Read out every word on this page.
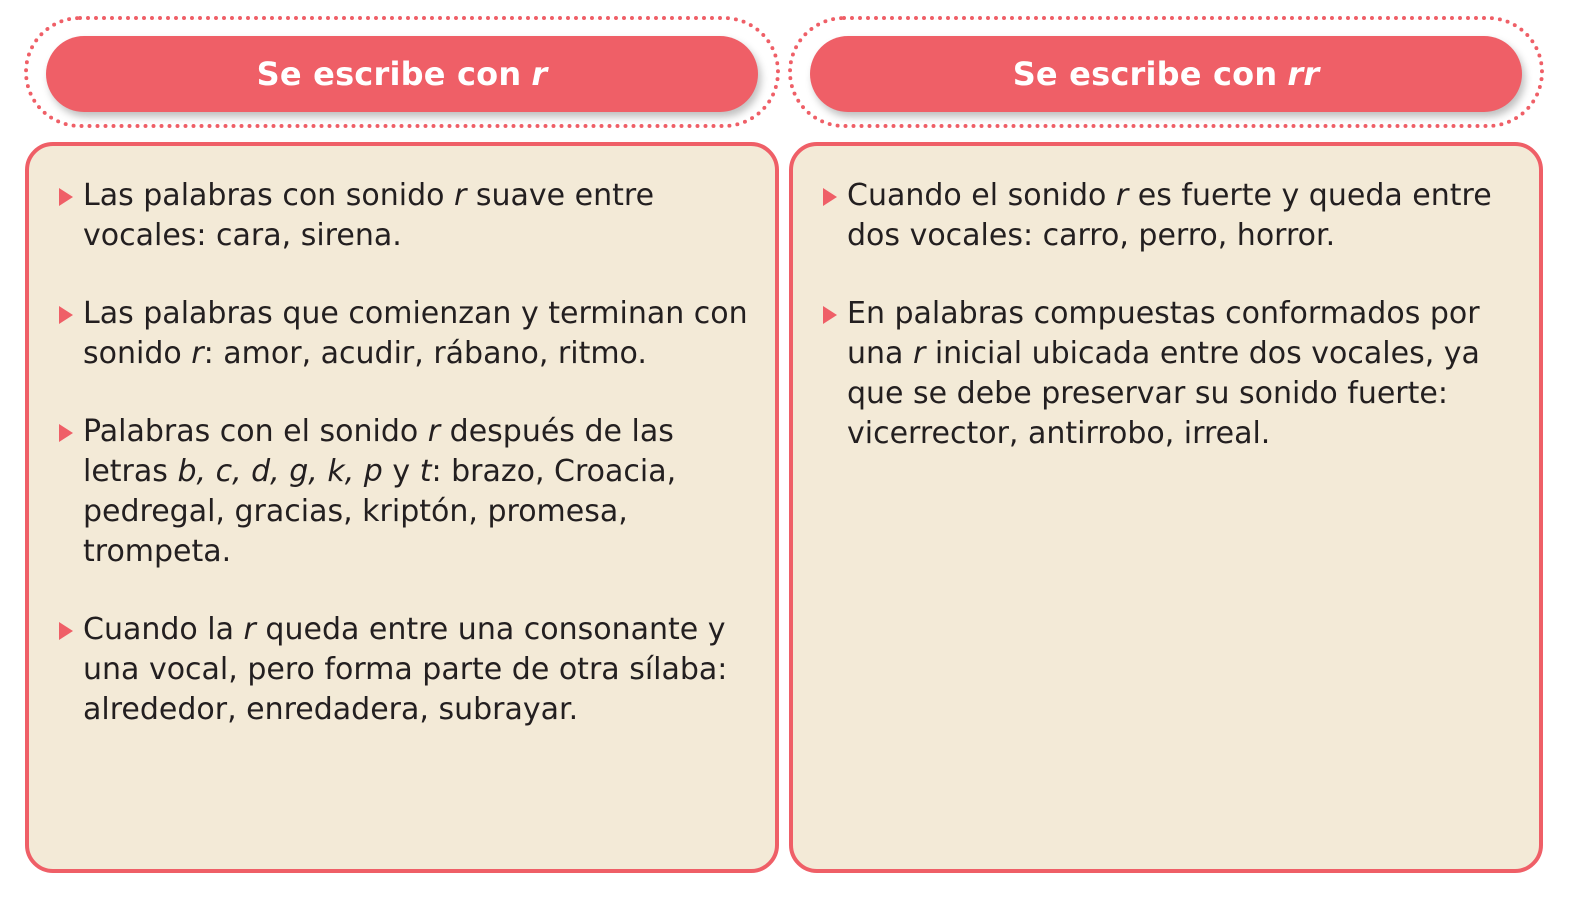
Se escribe con r
Las palabras con sonido r suave entre vocales: cara, sirena.
Las palabras que comienzan y terminan con sonido r: amor, acudir, rábano, ritmo.
Palabras con el sonido r después de las letras b, c, d, g, k, p y t: brazo, Croacia, pedregal, gracias, kriptón, promesa, trompeta.
Cuando la r queda entre una consonante y una vocal, pero forma parte de otra sílaba: alrededor, enredadera, subrayar.
Se escribe con rr
Cuando el sonido r es fuerte y queda entre dos vocales: carro, perro, horror.
En palabras compuestas conformados por una r inicial ubicada entre dos vocales, ya que se debe preservar su sonido fuerte: vicerrector, antirrobo, irreal.
